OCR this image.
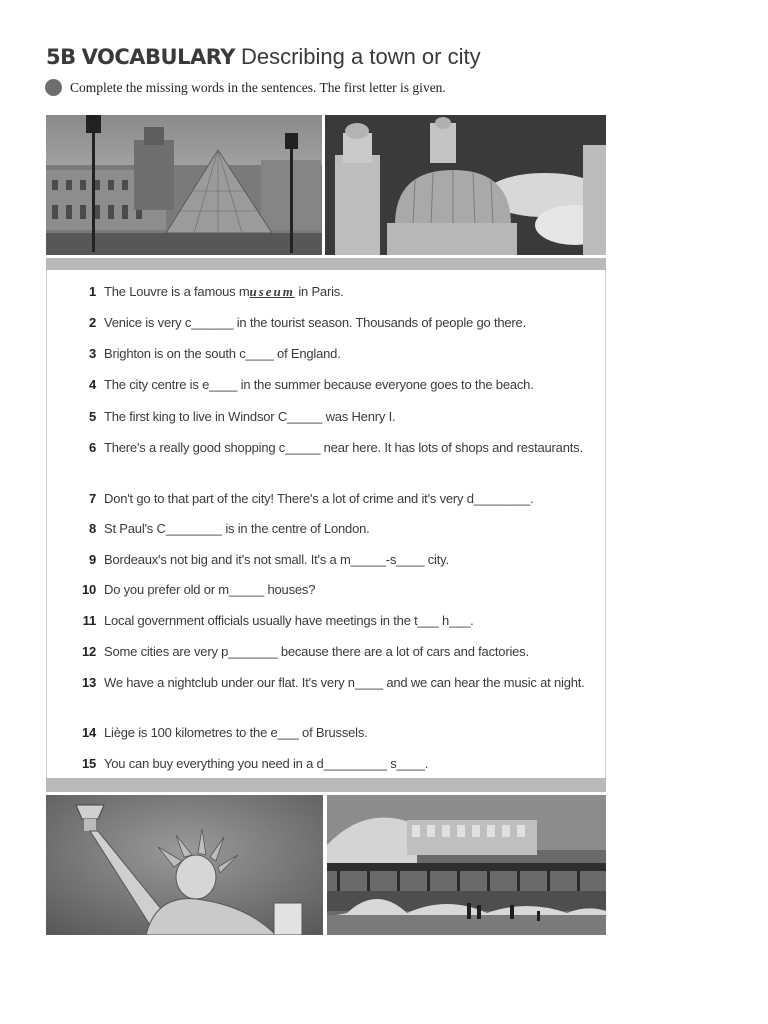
5B VOCABULARY Describing a town or city
Complete the missing words in the sentences. The first letter is given.
1 The Louvre is a famous museum in Paris.
2 Venice is very c______ in the tourist season. Thousands of people go there.
3 Brighton is on the south c____ of England.
4 The city centre is e____ in the summer because everyone goes to the beach.
5 The first king to live in Windsor C_____ was Henry I.
6 There's a really good shopping c_____ near here. It has lots of shops and restaurants.
7 Don't go to that part of the city! There's a lot of crime and it's very d________.
8 St Paul's C________ is in the centre of London.
9 Bordeaux's not big and it's not small. It's a m_____-s____ city.
10 Do you prefer old or m_____ houses?
11 Local government officials usually have meetings in the t___ h___.
12 Some cities are very p_______ because there are a lot of cars and factories.
13 We have a nightclub under our flat. It's very n____ and we can hear the music at night.
14 Liège is 100 kilometres to the e___ of Brussels.
15 You can buy everything you need in a d_________ s____.
